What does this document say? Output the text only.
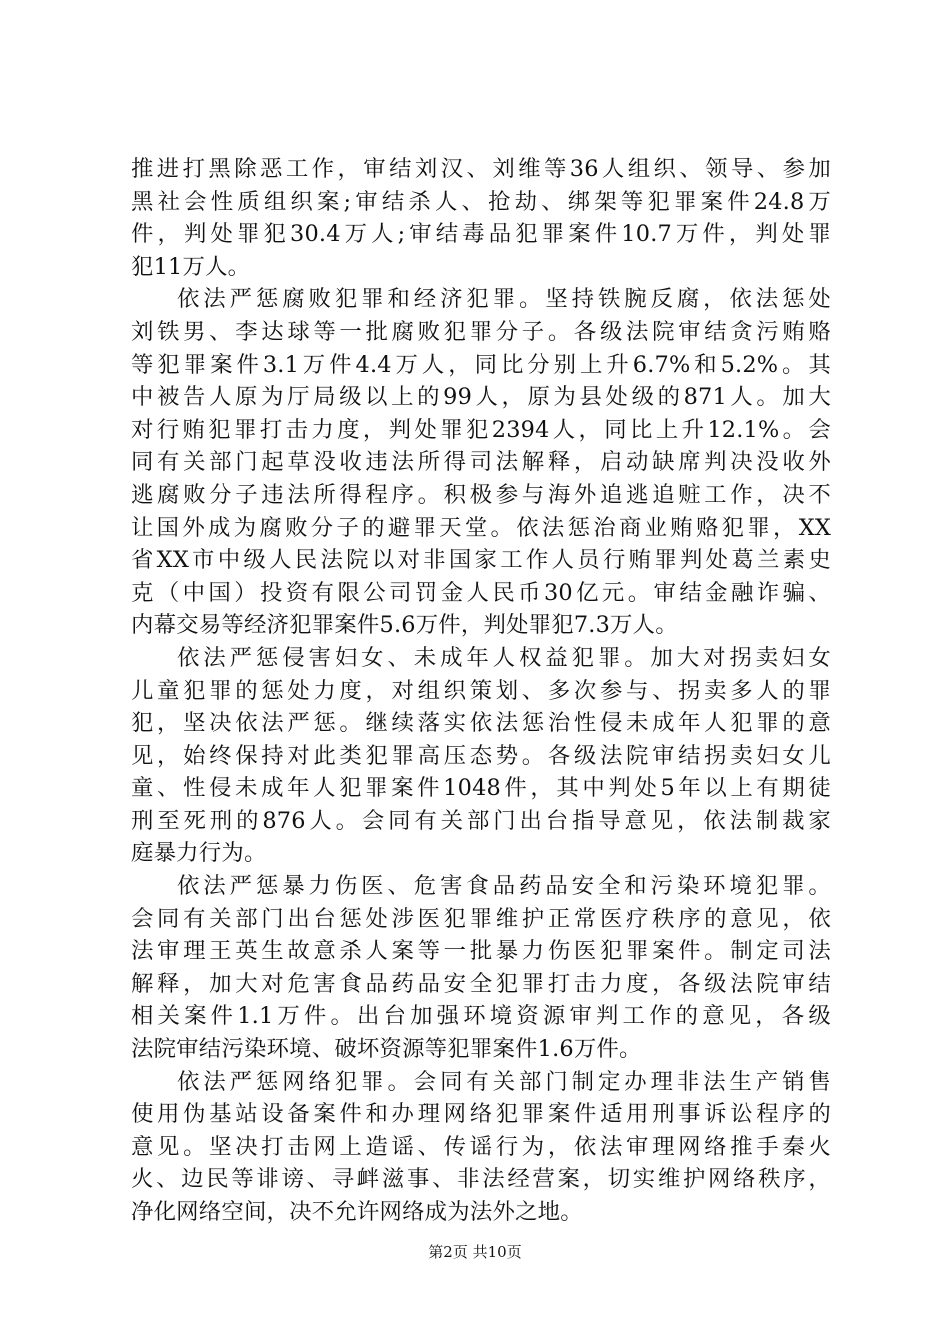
推进打黑除恶工作，审结刘汉、刘维等36人组织、领导、参加
黑社会性质组织案;审结杀人、抢劫、绑架等犯罪案件24.8万
件，判处罪犯30.4万人;审结毒品犯罪案件10.7万件，判处罪
犯11万人。
依法严惩腐败犯罪和经济犯罪。坚持铁腕反腐，依法惩处
刘铁男、李达球等一批腐败犯罪分子。各级法院审结贪污贿赂
等犯罪案件3.1万件4.4万人，同比分别上升6.7%和5.2%。其
中被告人原为厅局级以上的99人，原为县处级的871人。加大
对行贿犯罪打击力度，判处罪犯2394人，同比上升12.1%。会
同有关部门起草没收违法所得司法解释，启动缺席判决没收外
逃腐败分子违法所得程序。积极参与海外追逃追赃工作，决不
让国外成为腐败分子的避罪天堂。依法惩治商业贿赂犯罪，XX
省XX市中级人民法院以对非国家工作人员行贿罪判处葛兰素史
克（中国）投资有限公司罚金人民币30亿元。审结金融诈骗、
内幕交易等经济犯罪案件5.6万件，判处罪犯7.3万人。
依法严惩侵害妇女、未成年人权益犯罪。加大对拐卖妇女
儿童犯罪的惩处力度，对组织策划、多次参与、拐卖多人的罪
犯，坚决依法严惩。继续落实依法惩治性侵未成年人犯罪的意
见，始终保持对此类犯罪高压态势。各级法院审结拐卖妇女儿
童、性侵未成年人犯罪案件1048件，其中判处5年以上有期徒
刑至死刑的876人。会同有关部门出台指导意见，依法制裁家
庭暴力行为。
依法严惩暴力伤医、危害食品药品安全和污染环境犯罪。
会同有关部门出台惩处涉医犯罪维护正常医疗秩序的意见，依
法审理王英生故意杀人案等一批暴力伤医犯罪案件。制定司法
解释，加大对危害食品药品安全犯罪打击力度，各级法院审结
相关案件1.1万件。出台加强环境资源审判工作的意见，各级
法院审结污染环境、破坏资源等犯罪案件1.6万件。
依法严惩网络犯罪。会同有关部门制定办理非法生产销售
使用伪基站设备案件和办理网络犯罪案件适用刑事诉讼程序的
意见。坚决打击网上造谣、传谣行为，依法审理网络推手秦火
火、边民等诽谤、寻衅滋事、非法经营案，切实维护网络秩序，
净化网络空间，决不允许网络成为法外之地。
第2页 共10页
